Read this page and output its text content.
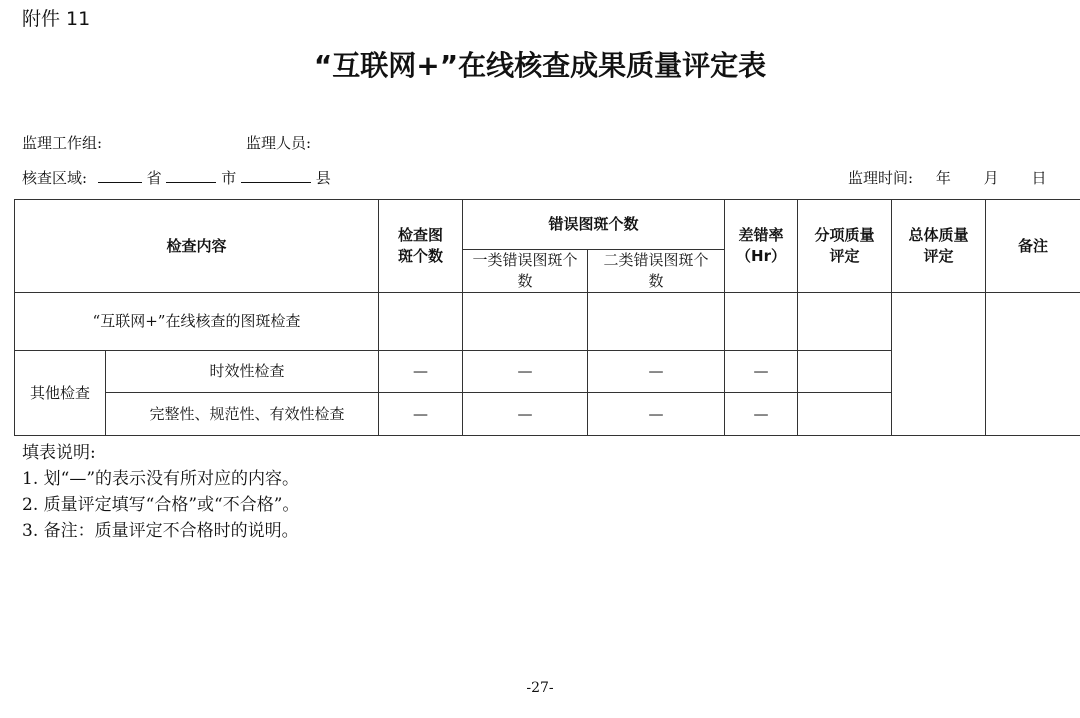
附件 11
“互联网+”在线核查成果质量评定表
监理工作组:	监理人员:
核查区域:	省	市	县	监理时间: 年 月 日
检查内容		检查图斑个数	错误图斑个数		差错率（Hr）	分项质量评定	总体质量评定	备注
			一类错误图斑个数	二类错误图斑个数				
“互联网+”在线核查的图斑检查								
其他检查	时效性检查	—	—	—	—			
	完整性、规范性、有效性检查	—	—	—	—			
填表说明:
1. 划“—”的表示没有所对应的内容。
2. 质量评定填写“合格”或“不合格”。
3. 备注：质量评定不合格时的说明。
-27-
